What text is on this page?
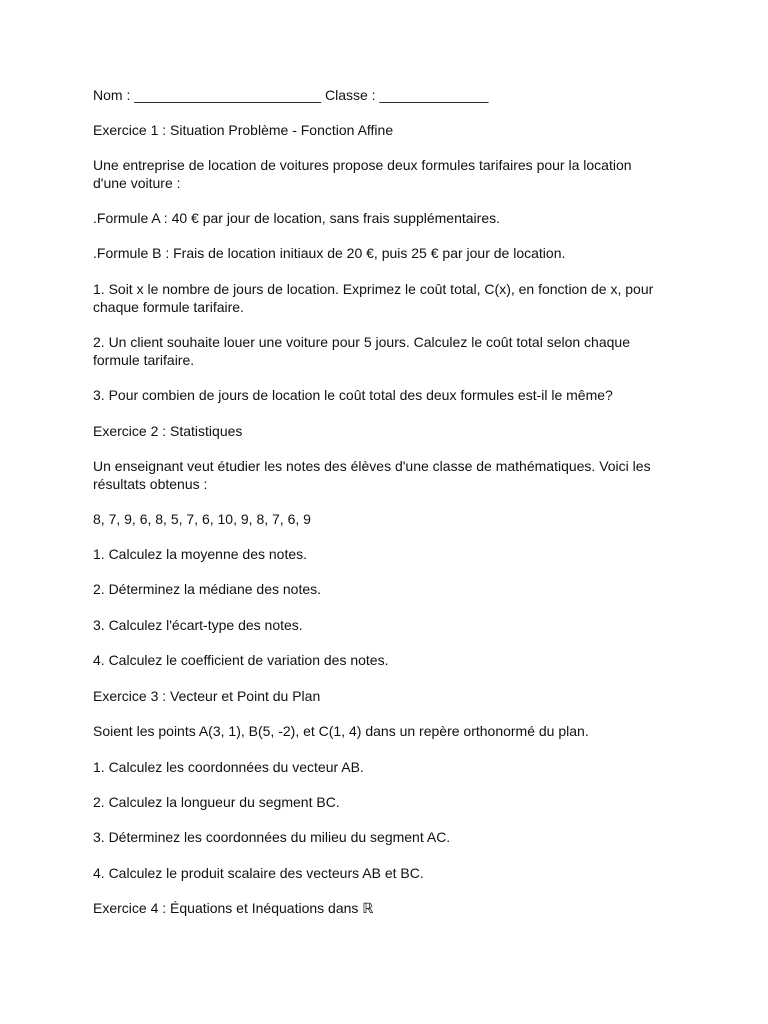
Nom : ________________________ Classe : ______________

Exercice 1 : Situation Problème - Fonction Affine

Une entreprise de location de voitures propose deux formules tarifaires pour la location

d'une voiture :

.Formule A : 40 € par jour de location, sans frais supplémentaires.

.Formule B : Frais de location initiaux de 20 €, puis 25 € par jour de location.

1. Soit x le nombre de jours de location. Exprimez le coût total, C(x), en fonction de x, pour

chaque formule tarifaire.

2. Un client souhaite louer une voiture pour 5 jours. Calculez le coût total selon chaque

formule tarifaire.

3. Pour combien de jours de location le coût total des deux formules est-il le même?

Exercice 2 : Statistiques

Un enseignant veut étudier les notes des élèves d'une classe de mathématiques. Voici les

résultats obtenus :

8, 7, 9, 6, 8, 5, 7, 6, 10, 9, 8, 7, 6, 9

1. Calculez la moyenne des notes.

2. Déterminez la médiane des notes.

3. Calculez l'écart-type des notes.

4. Calculez le coefficient de variation des notes.

Exercice 3 : Vecteur et Point du Plan

Soient les points A(3, 1), B(5, -2), et C(1, 4) dans un repère orthonormé du plan.

1. Calculez les coordonnées du vecteur AB.

2. Calculez la longueur du segment BC.

3. Déterminez les coordonnées du milieu du segment AC.

4. Calculez le produit scalaire des vecteurs AB et BC.

Exercice 4 : Équations et Inéquations dans ℝ
